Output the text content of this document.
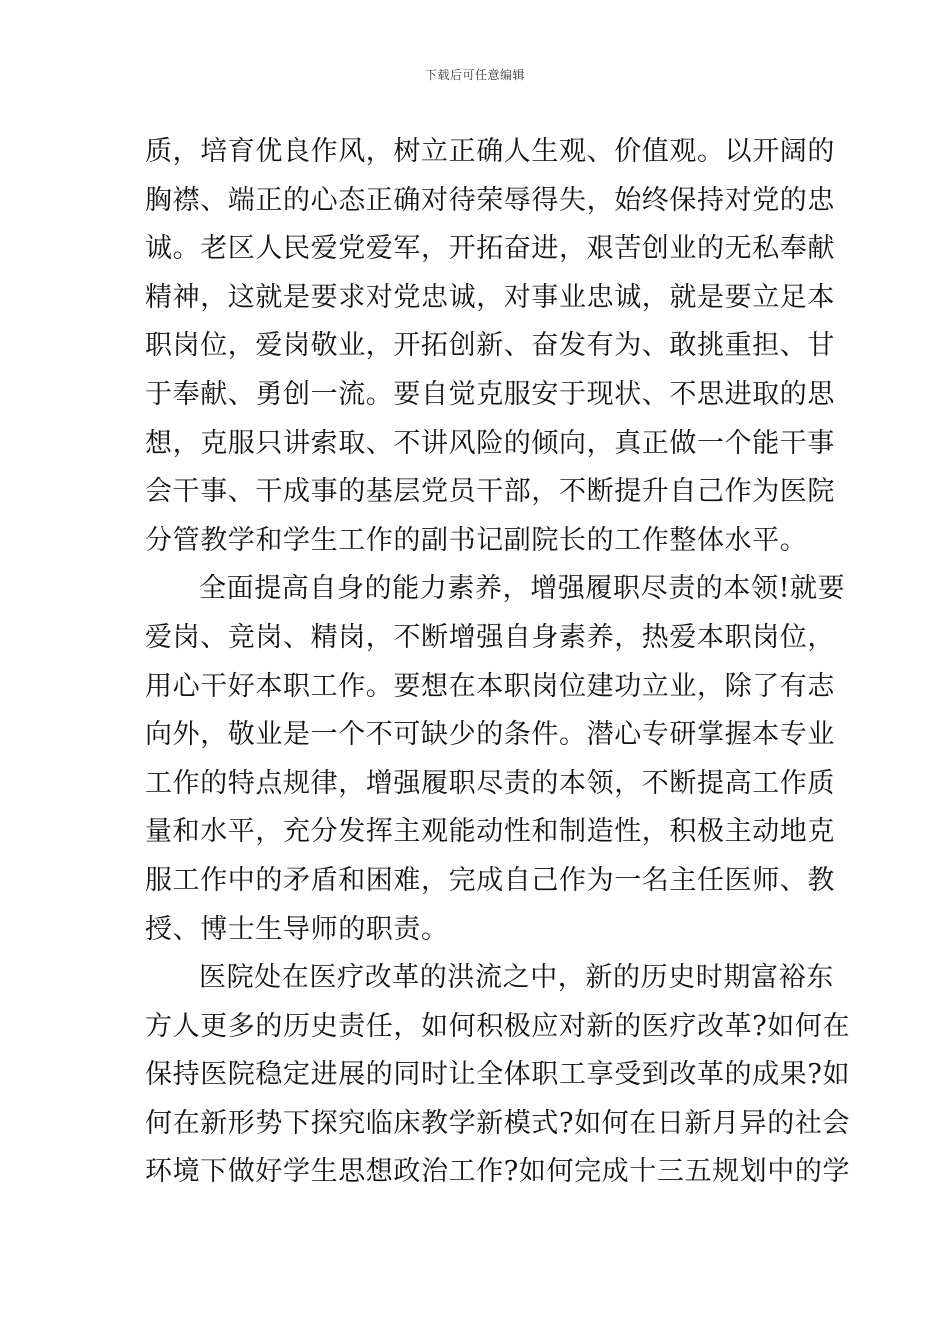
下载后可任意编辑
质，培育优良作风，树立正确人生观、价值观。以开阔的
胸襟、端正的心态正确对待荣辱得失，始终保持对党的忠
诚。老区人民爱党爱军，开拓奋进，艰苦创业的无私奉献
精神，这就是要求对党忠诚，对事业忠诚，就是要立足本
职岗位，爱岗敬业，开拓创新、奋发有为、敢挑重担、甘
于奉献、勇创一流。要自觉克服安于现状、不思进取的思
想，克服只讲索取、不讲风险的倾向，真正做一个能干事
会干事、干成事的基层党员干部，不断提升自己作为医院
分管教学和学生工作的副书记副院长的工作整体水平。
全面提高自身的能力素养，增强履职尽责的本领!就要
爱岗、竞岗、精岗，不断增强自身素养，热爱本职岗位，
用心干好本职工作。要想在本职岗位建功立业，除了有志
向外，敬业是一个不可缺少的条件。潜心专研掌握本专业
工作的特点规律，增强履职尽责的本领，不断提高工作质
量和水平，充分发挥主观能动性和制造性，积极主动地克
服工作中的矛盾和困难，完成自己作为一名主任医师、教
授、博士生导师的职责。
医院处在医疗改革的洪流之中，新的历史时期富裕东
方人更多的历史责任，如何积极应对新的医疗改革?如何在
保持医院稳定进展的同时让全体职工享受到改革的成果?如
何在新形势下探究临床教学新模式?如何在日新月异的社会
环境下做好学生思想政治工作?如何完成十三五规划中的学
